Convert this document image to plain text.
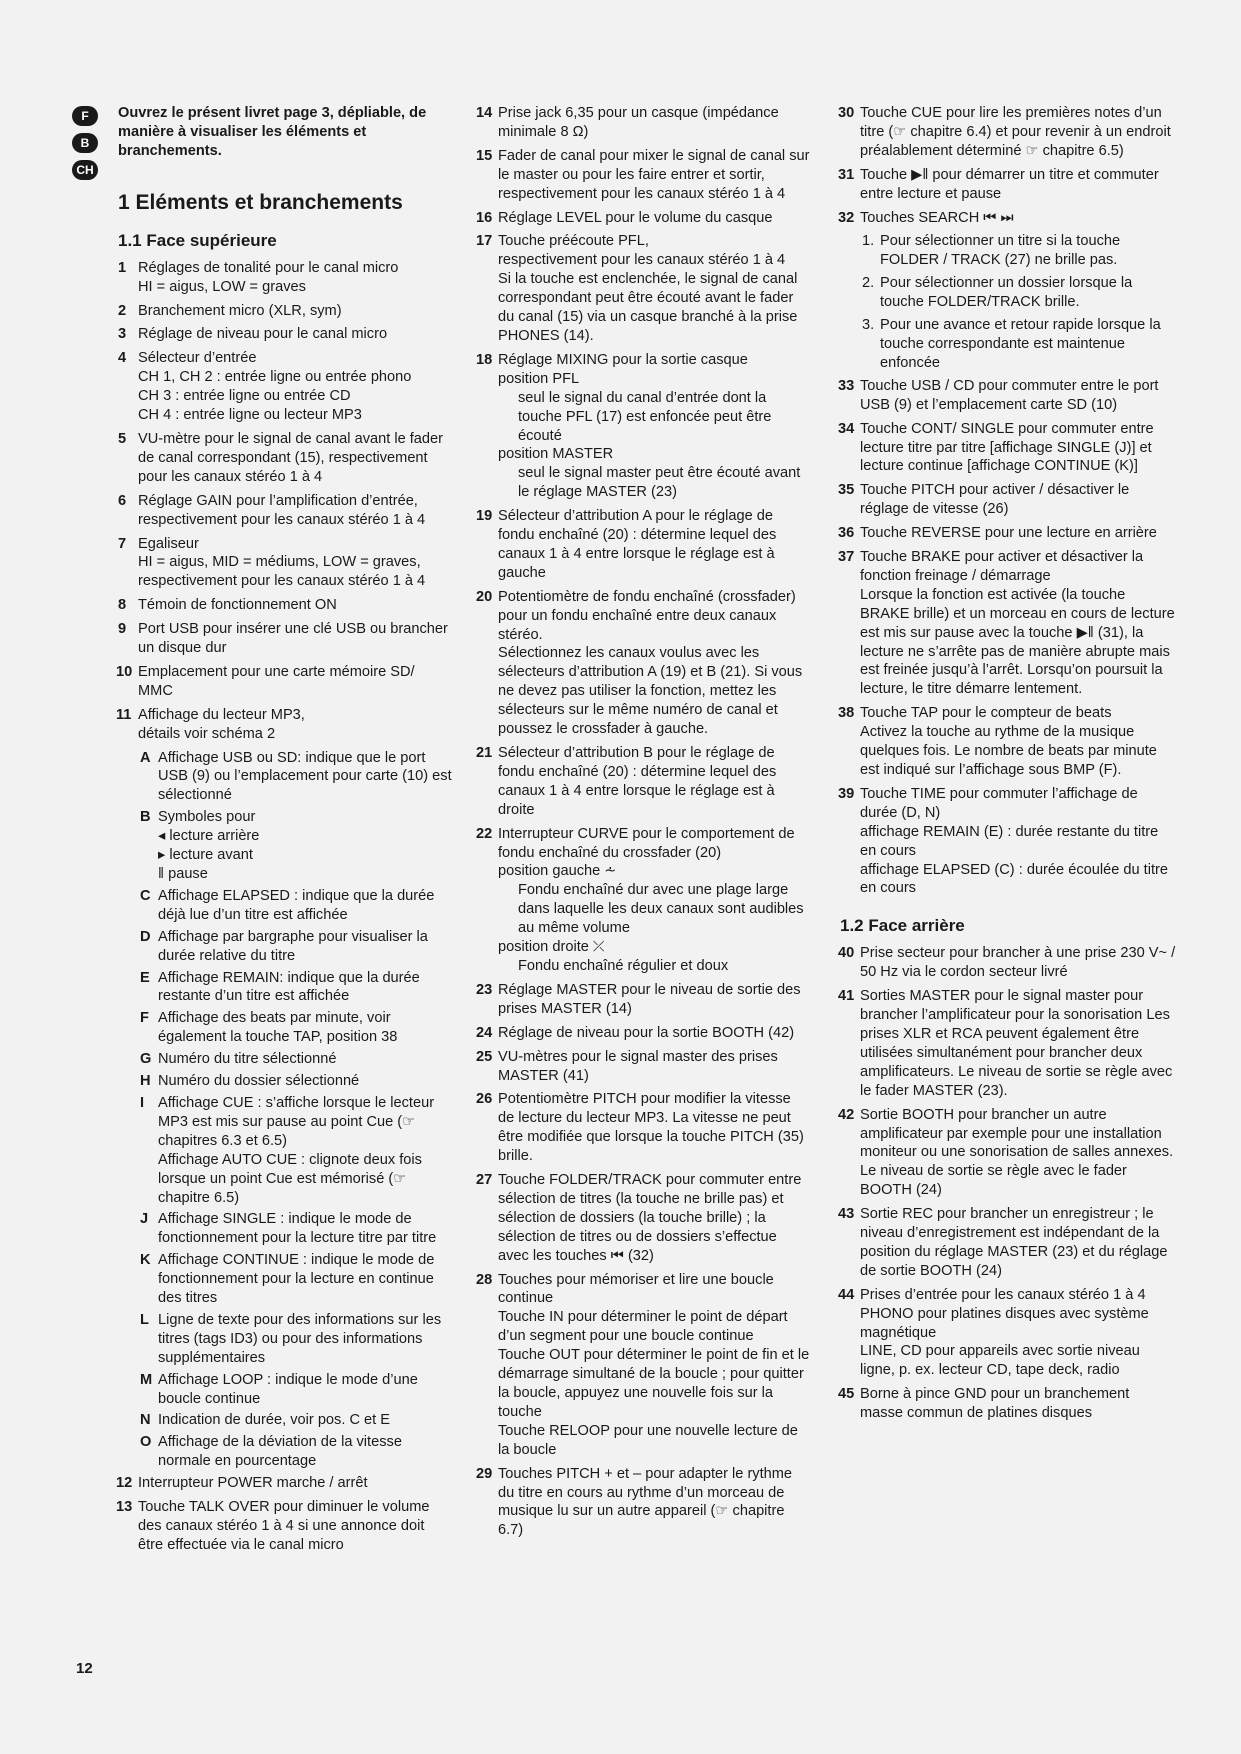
F
B
CH

Ouvrez le présent livret page 3, dépliable, de manière à visualiser les éléments et branchements.

1 Eléments et branchements
1.1 Face supérieure
1 Réglages de tonalité pour le canal micro
HI = aigus, LOW = graves
2 Branchement micro (XLR, sym)
3 Réglage de niveau pour le canal micro
4 Sélecteur d’entrée
CH 1, CH 2 : entrée ligne ou entrée phono
CH 3 : entrée ligne ou entrée CD
CH 4 : entrée ligne ou lecteur MP3
5 VU-mètre pour le signal de canal avant le fader de canal correspondant (15), respectivement pour les canaux stéréo 1 à 4
6 Réglage GAIN pour l’amplification d’entrée, respectivement pour les canaux stéréo 1 à 4
7 Egaliseur
HI = aigus, MID = médiums, LOW = graves, respectivement pour les canaux stéréo 1 à 4
8 Témoin de fonctionnement ON
9 Port USB pour insérer une clé USB ou brancher un disque dur
10 Emplacement pour une carte mémoire SD/ MMC
11 Affichage du lecteur MP3,
détails voir schéma 2
A Affichage USB ou SD: indique que le port USB (9) ou l’emplacement pour carte (10) est sélectionné
B Symboles pour
◂ lecture arrière
▸ lecture avant
ǁ pause
C Affichage ELAPSED : indique que la durée déjà lue d’un titre est affichée
D Affichage par bargraphe pour visualiser la durée relative du titre
E Affichage REMAIN: indique que la durée restante d’un titre est affichée
F Affichage des beats par minute, voir également la touche TAP, position 38
G Numéro du titre sélectionné
H Numéro du dossier sélectionné
I Affichage CUE : s’affiche lorsque le lecteur MP3 est mis sur pause au point Cue (☞ chapitres 6.3 et 6.5)
Affichage AUTO CUE : clignote deux fois lorsque un point Cue est mémorisé (☞ chapitre 6.5)
J Affichage SINGLE : indique le mode de fonctionnement pour la lecture titre par titre
K Affichage CONTINUE : indique le mode de fonctionnement pour la lecture en continue des titres
L Ligne de texte pour des informations sur les titres (tags ID3) ou pour des informations supplémentaires
M Affichage LOOP : indique le mode d’une boucle continue
N Indication de durée, voir pos. C et E
O Affichage de la déviation de la vitesse normale en pourcentage
12 Interrupteur POWER marche / arrêt
13 Touche TALK OVER pour diminuer le volume des canaux stéréo 1 à 4 si une annonce doit être effectuée via le canal micro
14 Prise jack 6,35 pour un casque (impédance minimale 8 Ω)
15 Fader de canal pour mixer le signal de canal sur le master ou pour les faire entrer et sortir, respectivement pour les canaux stéréo 1 à 4
16 Réglage LEVEL pour le volume du casque
17 Touche préécoute PFL,
respectivement pour les canaux stéréo 1 à 4
Si la touche est enclenchée, le signal de canal correspondant peut être écouté avant le fader du canal (15) via un casque branché à la prise PHONES (14).
18 Réglage MIXING pour la sortie casque
position PFL
seul le signal du canal d’entrée dont la touche PFL (17) est enfoncée peut être écouté
position MASTER
seul le signal master peut être écouté avant le réglage MASTER (23)
19 Sélecteur d’attribution A pour le réglage de fondu enchaîné (20) : détermine lequel des canaux 1 à 4 entre lorsque le réglage est à gauche
20 Potentiomètre de fondu enchaîné (crossfader) pour un fondu enchaîné entre deux canaux stéréo.
Sélectionnez les canaux voulus avec les sélecteurs d’attribution A (19) et B (21). Si vous ne devez pas utiliser la fonction, mettez les sélecteurs sur le même numéro de canal et poussez le crossfader à gauche.
21 Sélecteur d’attribution B pour le réglage de fondu enchaîné (20) : détermine lequel des canaux 1 à 4 entre lorsque le réglage est à droite
22 Interrupteur CURVE pour le comportement de fondu enchaîné du crossfader (20)
position gauche ⩪
Fondu enchaîné dur avec une plage large dans laquelle les deux canaux sont audibles au même volume
position droite ⤫
Fondu enchaîné régulier et doux
23 Réglage MASTER pour le niveau de sortie des prises MASTER (14)
24 Réglage de niveau pour la sortie BOOTH (42)
25 VU-mètres pour le signal master des prises MASTER (41)
26 Potentiomètre PITCH pour modifier la vitesse de lecture du lecteur MP3. La vitesse ne peut être modifiée que lorsque la touche PITCH (35) brille.
27 Touche FOLDER/TRACK pour commuter entre sélection de titres (la touche ne brille pas) et sélection de dossiers (la touche brille) ; la sélection de titres ou de dossiers s’effectue avec les touches ⏮ (32)
28 Touches pour mémoriser et lire une boucle continue
Touche IN pour déterminer le point de départ d’un segment pour une boucle continue
Touche OUT pour déterminer le point de fin et le démarrage simultané de la boucle ; pour quitter la boucle, appuyez une nouvelle fois sur la touche
Touche RELOOP pour une nouvelle lecture de la boucle
29 Touches PITCH + et – pour adapter le rythme du titre en cours au rythme d’un morceau de musique lu sur un autre appareil (☞ chapitre 6.7)
30 Touche CUE pour lire les premières notes d’un titre (☞ chapitre 6.4) et pour revenir à un endroit préalablement déterminé ☞ chapitre 6.5)
31 Touche ▶ǁ pour démarrer un titre et commuter entre lecture et pause
32 Touches SEARCH ⏮ ⏭
1. Pour sélectionner un titre si la touche FOLDER / TRACK (27) ne brille pas.
2. Pour sélectionner un dossier lorsque la touche FOLDER/TRACK brille.
3. Pour une avance et retour rapide lorsque la touche correspondante est maintenue enfoncée
33 Touche USB / CD pour commuter entre le port USB (9) et l’emplacement carte SD (10)
34 Touche CONT/ SINGLE pour commuter entre lecture titre par titre [affichage SINGLE (J)] et lecture continue [affichage CONTINUE (K)]
35 Touche PITCH pour activer / désactiver le réglage de vitesse (26)
36 Touche REVERSE pour une lecture en arrière
37 Touche BRAKE pour activer et désactiver la fonction freinage / démarrage
Lorsque la fonction est activée (la touche BRAKE brille) et un morceau en cours de lecture est mis sur pause avec la touche ▶ǁ (31), la lecture ne s’arrête pas de manière abrupte mais est freinée jusqu’à l’arrêt. Lorsqu’on poursuit la lecture, le titre démarre lentement.
38 Touche TAP pour le compteur de beats
Activez la touche au rythme de la musique quelques fois. Le nombre de beats par minute est indiqué sur l’affichage sous BMP (F).
39 Touche TIME pour commuter l’affichage de durée (D, N)
affichage REMAIN (E) : durée restante du titre en cours
affichage ELAPSED (C) : durée écoulée du titre en cours
1.2 Face arrière
40 Prise secteur pour brancher à une prise 230 V~ / 50 Hz via le cordon secteur livré
41 Sorties MASTER pour le signal master pour brancher l’amplificateur pour la sonorisation Les prises XLR et RCA peuvent également être utilisées simultanément pour brancher deux amplificateurs. Le niveau de sortie se règle avec le fader MASTER (23).
42 Sortie BOOTH pour brancher un autre amplificateur par exemple pour une installation moniteur ou une sonorisation de salles annexes. Le niveau de sortie se règle avec le fader BOOTH (24)
43 Sortie REC pour brancher un enregistreur ; le niveau d’enregistrement est indépendant de la position du réglage MASTER (23) et du réglage de sortie BOOTH (24)
44 Prises d’entrée pour les canaux stéréo 1 à 4
PHONO pour platines disques avec système magnétique
LINE, CD pour appareils avec sortie niveau ligne, p. ex. lecteur CD, tape deck, radio
45 Borne à pince GND pour un branchement masse commun de platines disques
12
